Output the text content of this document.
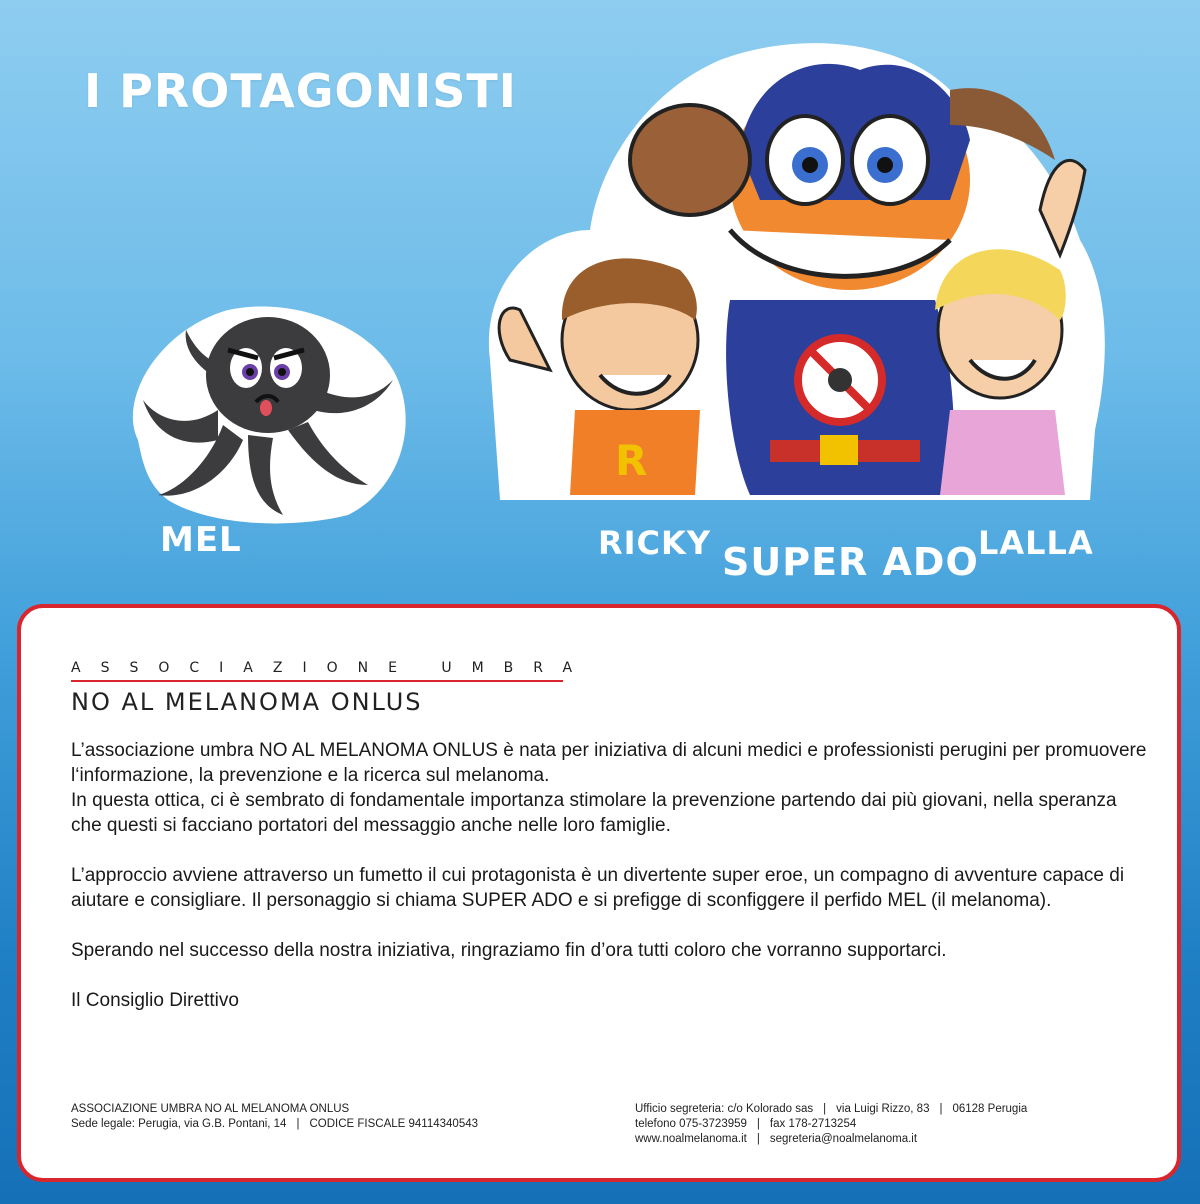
I PROTAGONISTI
R
MEL	RICKY SUPER ADO LALLA
ASSOCIAZIONE UMBRA
NO AL MELANOMA ONLUS

L’associazione umbra NO AL MELANOMA ONLUS è nata per iniziativa di alcuni medici e professionisti perugini per promuovere l‘informazione, la prevenzione e la ricerca sul melanoma.

In questa ottica, ci è sembrato di fondamentale importanza stimolare la prevenzione partendo dai più giovani, nella speranza che questi si facciano portatori del messaggio anche nelle loro famiglie.

L’approccio avviene attraverso un fumetto il cui protagonista è un divertente super eroe, un compagno di avventure capace di aiutare e consigliare. Il personaggio si chiama SUPER ADO e si prefigge di sconfiggere il perfido MEL (il melanoma).

Sperando nel successo della nostra iniziativa, ringraziamo fin d’ora tutti coloro che vorranno supportarci.

Il Consiglio Direttivo

ASSOCIAZIONE UMBRA NO AL MELANOMA ONLUS
Sede legale: Perugia, via G.B. Pontani, 14 | CODICE FISCALE 94114340543
Ufficio segreteria: c/o Kolorado sas | via Luigi Rizzo, 83 | 06128 Perugia
telefono 075-3723959 | fax 178-2713254
www.noalmelanoma.it | segreteria@noalmelanoma.it
